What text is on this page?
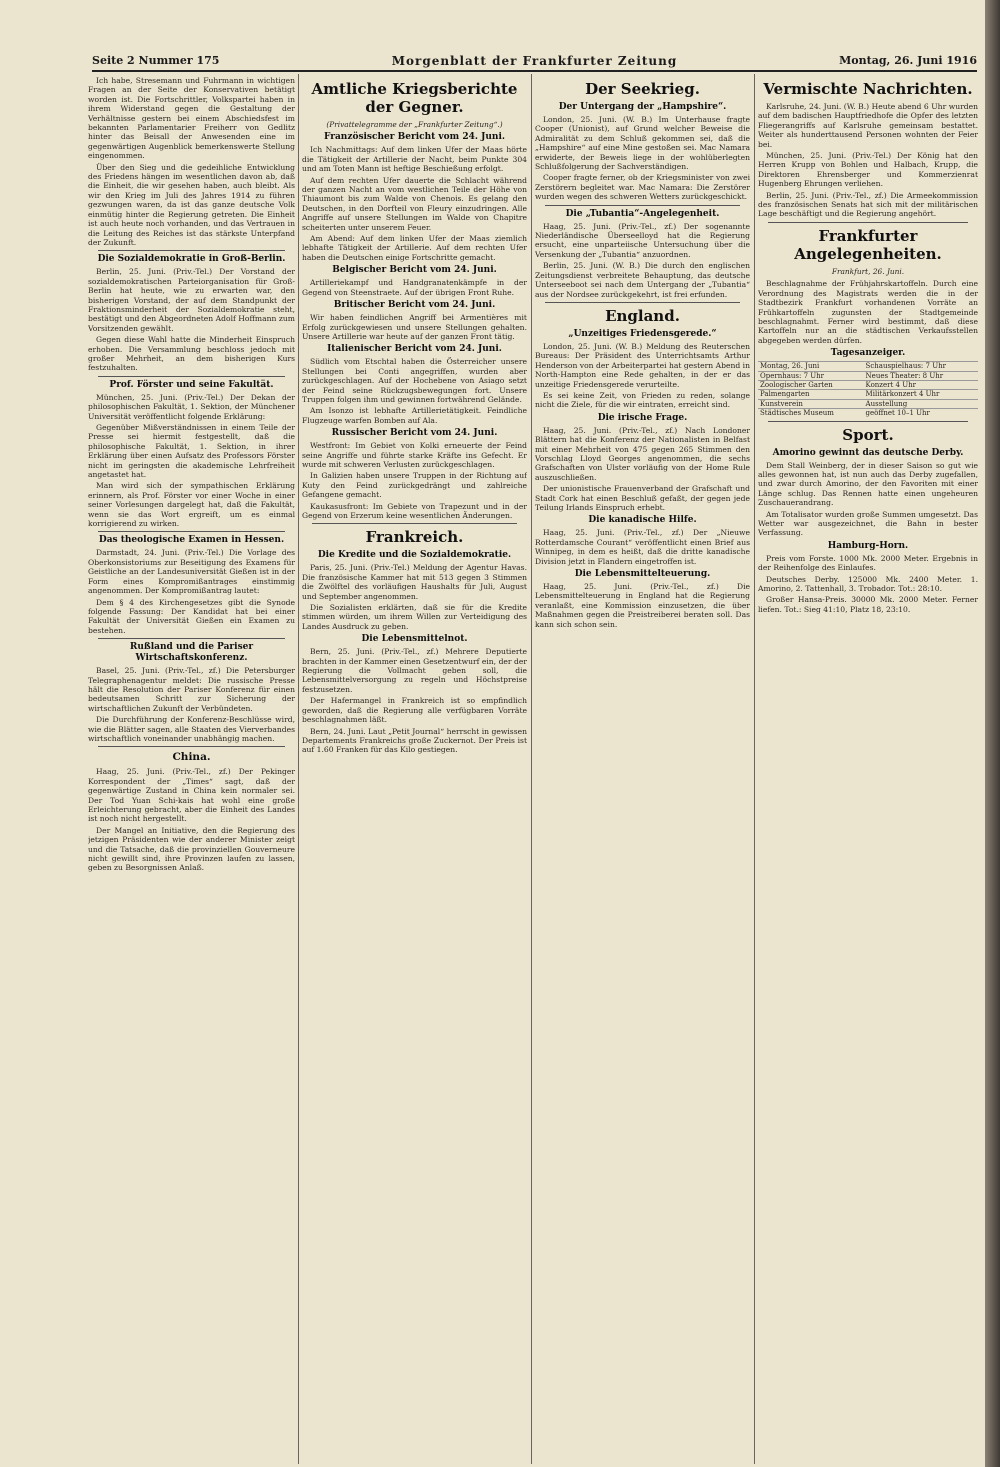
Seite 2 Nummer 175	Morgenblatt der Frankfurter Zeitung	Montag, 26. Juni 1916

Ich habe, Stresemann und Fuhrmann in wichtigen Fragen an der Seite der Konservativen betätigt worden ist. Die Fortschrittler, Volkspartei haben in ihrem Widerstand gegen die Gestaltung der Verhältnisse gestern bei einem Abschiedsfest im bekannten Parlamentarier Freiherr von Gedlitz hinter das Beisall der Anwesenden eine im gegenwärtigen Augenblick bemerkenswerte Stellung eingenommen.

Über den Sieg und die gedeihliche Entwicklung des Friedens hängen im wesentlichen davon ab, daß die Einheit, die wir gesehen haben, auch bleibt. Als wir den Krieg im Juli des Jahres 1914 zu führen gezwungen waren, da ist das ganze deutsche Volk einmütig hinter die Regierung getreten. Die Einheit ist auch heute noch vorhanden, und das Vertrauen in die Leitung des Reiches ist das stärkste Unterpfand der Zukunft.

Die Sozialdemokratie in Groß-Berlin.

Berlin, 25. Juni. (Priv.-Tel.) Der Vorstand der sozialdemokratischen Parteiorganisation für Groß-Berlin hat heute, wie zu erwarten war, den bisherigen Vorstand, der auf dem Standpunkt der Fraktionsminderheit der Sozialdemokratie steht, bestätigt und den Abgeordneten Adolf Hoffmann zum Vorsitzenden gewählt.

Gegen diese Wahl hatte die Minderheit Einspruch erhoben. Die Versammlung beschloss jedoch mit großer Mehrheit, an dem bisherigen Kurs festzuhalten.

Prof. Förster und seine Fakultät.

München, 25. Juni. (Priv.-Tel.) Der Dekan der philosophischen Fakultät, 1. Sektion, der Münchener Universität veröffentlicht folgende Erklärung:

Gegenüber Mißverständnissen in einem Teile der Presse sei hiermit festgestellt, daß die philosophische Fakultät, 1. Sektion, in ihrer Erklärung über einen Aufsatz des Professors Förster nicht im geringsten die akademische Lehrfreiheit angetastet hat.

Man wird sich der sympathischen Erklärung erinnern, als Prof. Förster vor einer Woche in einer seiner Vorlesungen dargelegt hat, daß die Fakultät, wenn sie das Wort ergreift, um es einmal korrigierend zu wirken.

Das theologische Examen in Hessen.

Darmstadt, 24. Juni. (Priv.-Tel.) Die Vorlage des Oberkonsistoriums zur Beseitigung des Examens für Geistliche an der Landesuniversität Gießen ist in der Form eines Kompromißantrages einstimmig angenommen. Der Kompromißantrag lautet:

Dem § 4 des Kirchengesetzes gibt die Synode folgende Fassung: Der Kandidat hat bei einer Fakultät der Universität Gießen ein Examen zu bestehen.

Rußland und die Pariser Wirtschaftskonferenz.

Basel, 25. Juni. (Priv.-Tel., zf.) Die Petersburger Telegraphenagentur meldet: Die russische Presse hält die Resolution der Pariser Konferenz für einen bedeutsamen Schritt zur Sicherung der wirtschaftlichen Zukunft der Verbündeten.

Die Durchführung der Konferenz-Beschlüsse wird, wie die Blätter sagen, alle Staaten des Vierverbandes wirtschaftlich voneinander unabhängig machen.

China.

Haag, 25. Juni. (Priv.-Tel., zf.) Der Pekinger Korrespondent der „Times“ sagt, daß der gegenwärtige Zustand in China kein normaler sei. Der Tod Yuan Schi-kais hat wohl eine große Erleichterung gebracht, aber die Einheit des Landes ist noch nicht hergestellt.

Der Mangel an Initiative, den die Regierung des jetzigen Präsidenten wie der anderer Minister zeigt und die Tatsache, daß die provinziellen Gouverneure nicht gewillt sind, ihre Provinzen laufen zu lassen, geben zu Besorgnissen Anlaß.

Amtliche Kriegsberichte der Gegner.
(Privattelegramme der „Frankfurter Zeitung“.)
Französischer Bericht vom 24. Juni.

Ich Nachmittags: Auf dem linken Ufer der Maas hörte die Tätigkeit der Artillerie der Nacht, beim Punkte 304 und am Toten Mann ist heftige Beschießung erfolgt.

Auf dem rechten Ufer dauerte die Schlacht während der ganzen Nacht an vom westlichen Teile der Höhe von Thiaumont bis zum Walde von Chenois. Es gelang den Deutschen, in den Dorfteil von Fleury einzudringen. Alle Angriffe auf unsere Stellungen im Walde von Chapitre scheiterten unter unserem Feuer.

Am Abend: Auf dem linken Ufer der Maas ziemlich lebhafte Tätigkeit der Artillerie. Auf dem rechten Ufer haben die Deutschen einige Fortschritte gemacht.

Belgischer Bericht vom 24. Juni.

Artilleriekampf und Handgranatenkämpfe in der Gegend von Steenstraete. Auf der übrigen Front Ruhe.

Britischer Bericht vom 24. Juni.

Wir haben feindlichen Angriff bei Armentières mit Erfolg zurückgewiesen und unsere Stellungen gehalten. Unsere Artillerie war heute auf der ganzen Front tätig.

Italienischer Bericht vom 24. Juni.

Südlich vom Etschtal haben die Österreicher unsere Stellungen bei Conti angegriffen, wurden aber zurückgeschlagen. Auf der Hochebene von Asiago setzt der Feind seine Rückzugsbewegungen fort. Unsere Truppen folgen ihm und gewinnen fortwährend Gelände.

Am Isonzo ist lebhafte Artillerietätigkeit. Feindliche Flugzeuge warfen Bomben auf Ala.

Russischer Bericht vom 24. Juni.

Westfront: Im Gebiet von Kolki erneuerte der Feind seine Angriffe und führte starke Kräfte ins Gefecht. Er wurde mit schweren Verlusten zurückgeschlagen.

In Galizien haben unsere Truppen in der Richtung auf Kuty den Feind zurückgedrängt und zahlreiche Gefangene gemacht.

Kaukasusfront: Im Gebiete von Trapezunt und in der Gegend von Erzerum keine wesentlichen Änderungen.

Frankreich.
Die Kredite und die Sozialdemokratie.

Paris, 25. Juni. (Priv.-Tel.) Meldung der Agentur Havas. Die französische Kammer hat mit 513 gegen 3 Stimmen die Zwölftel des vorläufigen Haushalts für Juli, August und September angenommen.

Die Sozialisten erklärten, daß sie für die Kredite stimmen würden, um ihrem Willen zur Verteidigung des Landes Ausdruck zu geben.

Die Lebensmittelnot.

Bern, 25. Juni. (Priv.-Tel., zf.) Mehrere Deputierte brachten in der Kammer einen Gesetzentwurf ein, der der Regierung die Vollmacht geben soll, die Lebensmittelversorgung zu regeln und Höchstpreise festzusetzen.

Der Hafermangel in Frankreich ist so empfindlich geworden, daß die Regierung alle verfügbaren Vorräte beschlagnahmen läßt.

Bern, 24. Juni. Laut „Petit Journal“ herrscht in gewissen Departements Frankreichs große Zuckernot. Der Preis ist auf 1.60 Franken für das Kilo gestiegen.

Der Seekrieg.
Der Untergang der „Hampshire“.

London, 25. Juni. (W. B.) Im Unterhause fragte Cooper (Unionist), auf Grund welcher Beweise die Admiralität zu dem Schluß gekommen sei, daß die „Hampshire“ auf eine Mine gestoßen sei. Mac Namara erwiderte, der Beweis liege in der wohlüberlegten Schlußfolgerung der Sachverständigen.

Cooper fragte ferner, ob der Kriegsminister von zwei Zerstörern begleitet war. Mac Namara: Die Zerstörer wurden wegen des schweren Wetters zurückgeschickt.

Die „Tubantia“-Angelegenheit.

Haag, 25. Juni. (Priv.-Tel., zf.) Der sogenannte Niederländische Überseelloyd hat die Regierung ersucht, eine unparteiische Untersuchung über die Versenkung der „Tubantia“ anzuordnen.

Berlin, 25. Juni. (W. B.) Die durch den englischen Zeitungsdienst verbreitete Behauptung, das deutsche Unterseeboot sei nach dem Untergang der „Tubantia“ aus der Nordsee zurückgekehrt, ist frei erfunden.

England.
„Unzeitiges Friedensgerede.“

London, 25. Juni. (W. B.) Meldung des Reuterschen Bureaus: Der Präsident des Unterrichtsamts Arthur Henderson von der Arbeiterpartei hat gestern Abend in North-Hampton eine Rede gehalten, in der er das unzeitige Friedensgerede verurteilte.

Es sei keine Zeit, von Frieden zu reden, solange nicht die Ziele, für die wir eintraten, erreicht sind.

Die irische Frage.

Haag, 25. Juni. (Priv.-Tel., zf.) Nach Londoner Blättern hat die Konferenz der Nationalisten in Belfast mit einer Mehrheit von 475 gegen 265 Stimmen den Vorschlag Lloyd Georges angenommen, die sechs Grafschaften von Ulster vorläufig von der Home Rule auszuschließen.

Der unionistische Frauenverband der Grafschaft und Stadt Cork hat einen Beschluß gefaßt, der gegen jede Teilung Irlands Einspruch erhebt.

Die kanadische Hilfe.

Haag, 25. Juni. (Priv.-Tel., zf.) Der „Nieuwe Rotterdamsche Courant“ veröffentlicht einen Brief aus Winnipeg, in dem es heißt, daß die dritte kanadische Division jetzt in Flandern eingetroffen ist.

Die Lebensmittelteuerung.

Haag, 25. Juni. (Priv.-Tel., zf.) Die Lebensmittelteuerung in England hat die Regierung veranlaßt, eine Kommission einzusetzen, die über Maßnahmen gegen die Preistreiberei beraten soll. Das kann sich schon sein.

Vermischte Nachrichten.

Karlsruhe, 24. Juni. (W. B.) Heute abend 6 Uhr wurden auf dem badischen Hauptfriedhofe die Opfer des letzten Fliegerangriffs auf Karlsruhe gemeinsam bestattet. Weiter als hunderttausend Personen wohnten der Feier bei.

München, 25. Juni. (Priv.-Tel.) Der König hat den Herren Krupp von Bohlen und Halbach, Krupp, die Direktoren Ehrensberger und Kommerzienrat Hugenberg Ehrungen verliehen.

Berlin, 25. Juni. (Priv.-Tel., zf.) Die Armeekommission des französischen Senats hat sich mit der militärischen Lage beschäftigt und die Regierung angehört.

Frankfurter Angelegenheiten.
Frankfurt, 26. Juni.

Beschlagnahme der Frühjahrskartoffeln. Durch eine Verordnung des Magistrats werden die in der Stadtbezirk Frankfurt vorhandenen Vorräte an Frühkartoffeln zugunsten der Stadtgemeinde beschlagnahmt. Ferner wird bestimmt, daß diese Kartoffeln nur an die städtischen Verkaufsstellen abgegeben werden dürfen.

Tagesanzeiger.
Montag, 26. Juni	Schauspielhaus: 7 Uhr
Opernhaus: 7 Uhr	Neues Theater: 8 Uhr
Zoologischer Garten	Konzert 4 Uhr
Palmengarten	Militärkonzert 4 Uhr
Kunstverein	Ausstellung
Städtisches Museum	geöffnet 10–1 Uhr
Sport.
Amorino gewinnt das deutsche Derby.

Dem Stall Weinberg, der in dieser Saison so gut wie alles gewonnen hat, ist nun auch das Derby zugefallen, und zwar durch Amorino, der den Favoriten mit einer Länge schlug. Das Rennen hatte einen ungeheuren Zuschauerandrang.

Am Totalisator wurden große Summen umgesetzt. Das Wetter war ausgezeichnet, die Bahn in bester Verfassung.

Hamburg-Horn.

Preis vom Forste. 1000 Mk. 2000 Meter. Ergebnis in der Reihenfolge des Einlaufes.

Deutsches Derby. 125000 Mk. 2400 Meter. 1. Amorino, 2. Tattenhall, 3. Trobador. Tot.: 28:10.

Großer Hansa-Preis. 30000 Mk. 2000 Meter. Ferner liefen. Tot.: Sieg 41:10, Platz 18, 23:10.
